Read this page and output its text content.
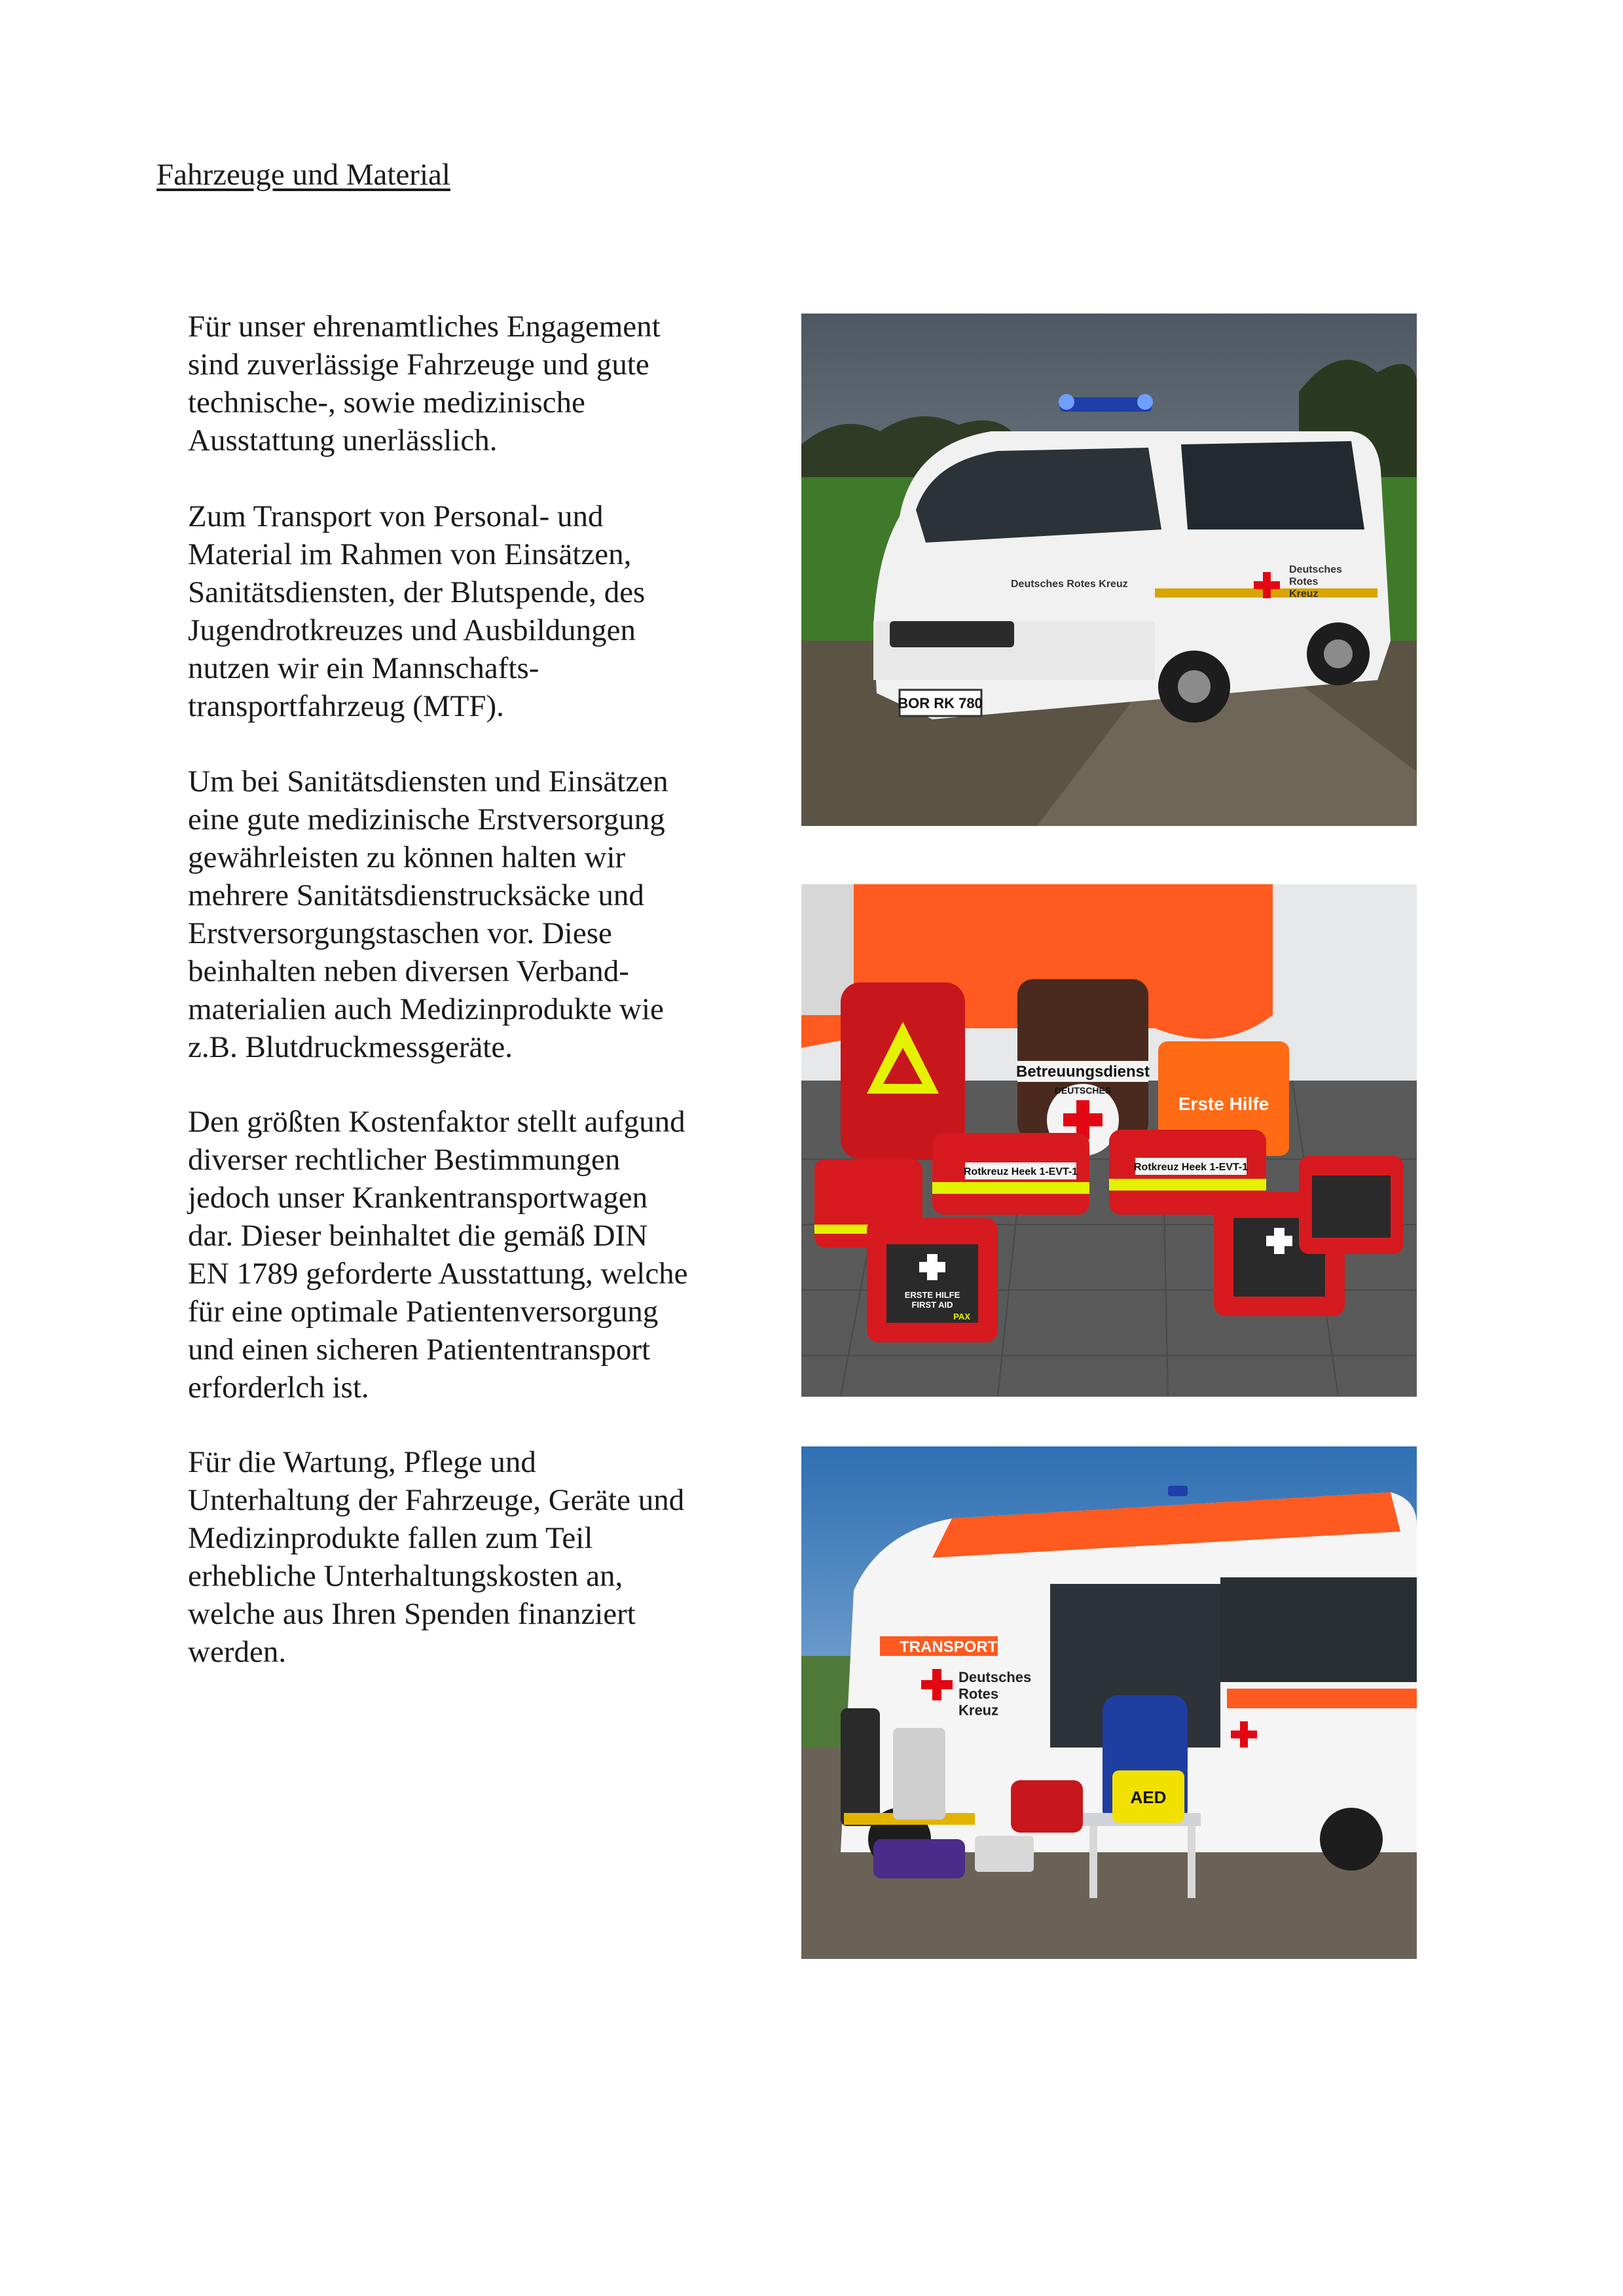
Fahrzeuge und Material

Für unser ehrenamtliches Engagement
sind zuverlässige Fahrzeuge und gute
technische-, sowie medizinische
Ausstattung unerlässlich.

Zum Transport von Personal- und
Material im Rahmen von Einsätzen,
Sanitätsdiensten, der Blutspende, des
Jugendrotkreuzes und Ausbildungen
nutzen wir ein Mannschafts-
transportfahrzeug (MTF).

Um bei Sanitätsdiensten und Einsätzen
eine gute medizinische Erstversorgung
gewährleisten zu können halten wir
mehrere Sanitätsdienstrucksäcke und
Erstversorgungstaschen vor. Diese
beinhalten neben diversen Verband-
materialien auch Medizinprodukte wie
z.B. Blutdruckmessgeräte.

Den größten Kostenfaktor stellt aufgund
diverser rechtlicher Bestimmungen
jedoch unser Krankentransportwagen
dar. Dieser beinhaltet die gemäß DIN
EN 1789 geforderte Ausstattung, welche
für eine optimale Patientenversorgung
und einen sicheren Patiententransport
erforderlch ist.

Für die Wartung, Pflege und
Unterhaltung der Fahrzeuge, Geräte und
Medizinprodukte fallen zum Teil
erhebliche Unterhaltungskosten an,
welche aus Ihren Spenden finanziert
werden.

BOR RK 780
Deutsches Rotes Kreuz
Deutsches Rotes Kreuz
Betreuungsdienst
DEUTSCHES
Erste Hilfe
Rotkreuz Heek 1-EVT-1	Rotkreuz Heek 1-EVT-1
ERSTE HILFE FIRST AID
PAX
TRANSPORT
Deutsches Rotes Kreuz
AED
